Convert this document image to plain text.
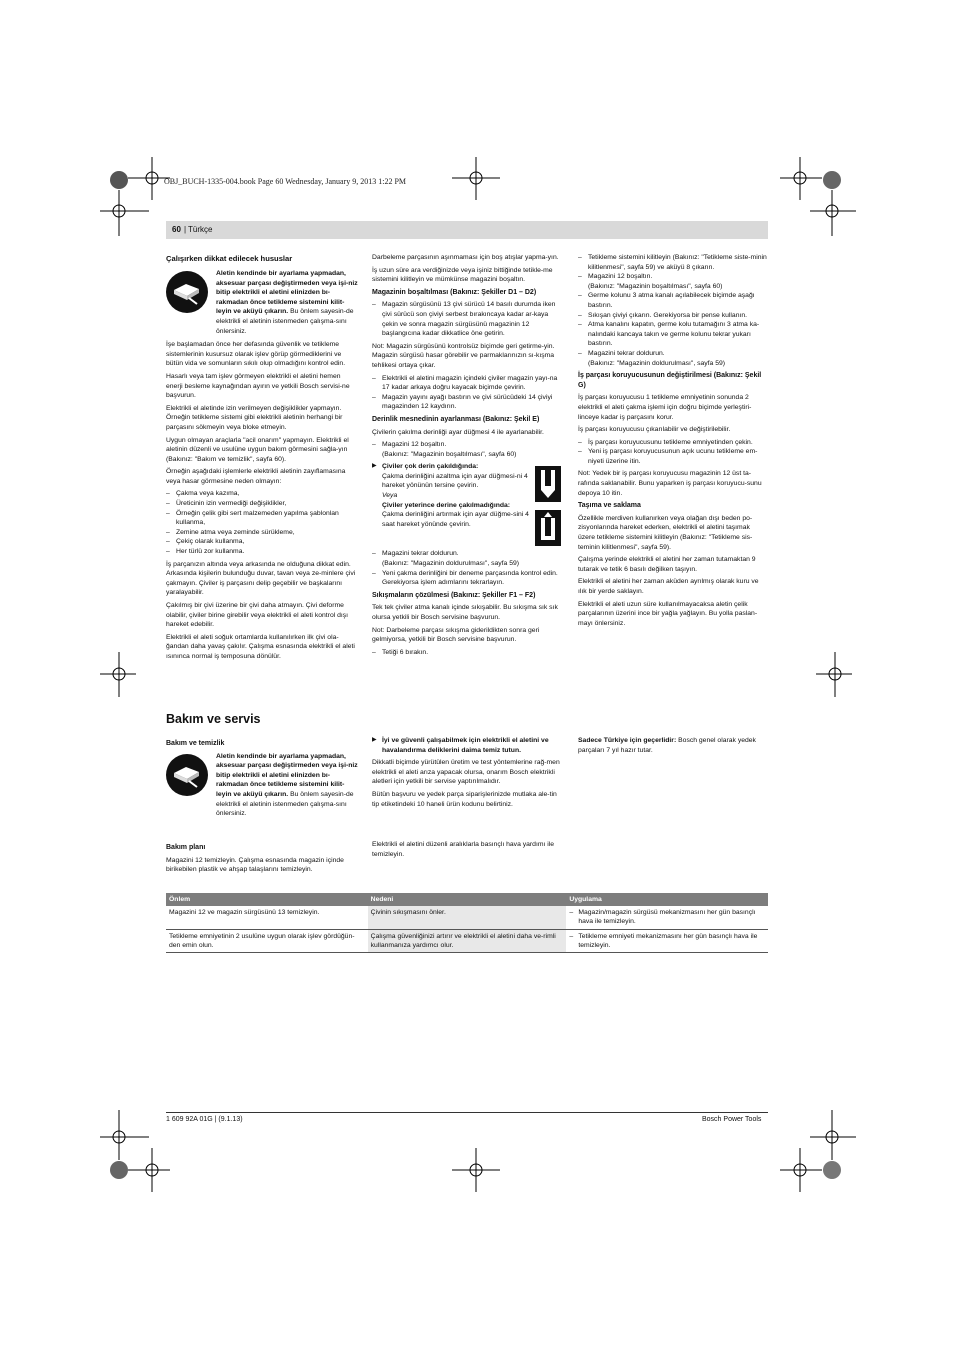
OBJ_BUCH-1335-004.book Page 60 Wednesday, January 9, 2013 1:22 PM
60 | Türkçe
Çalışırken dikkat edilecek hususlar
Aletin kendinde bir ayarlama yapmadan, aksesuar parçası değiştirmeden veya işi-niz bitip elektrikli el aletini elinizden bı-rakmadan önce tetikleme sistemini kilit-leyin ve aküyü çıkarın. Bu önlem sayesin-de elektrikli el aletinin istenmeden çalışma-sını önlersiniz.

İşe başlamadan önce her defasında güvenlik ve tetikleme sistemlerinin kusursuz olarak işlev görüp görmediklerini ve bütün vida ve somunların sıkılı olup olmadığını kontrol edin.

Hasarlı veya tam işlev görmeyen elektrikli el aletini hemen enerji besleme kaynağından ayırın ve yetkili Bosch servisi-ne başvurun.

Elektrikli el aletinde izin verilmeyen değişiklikler yapmayın. Örneğin tetikleme sistemi gibi elektrikli aletinin herhangi bir parçasını sökmeyin veya bloke etmeyin.

Uygun olmayan araçlarla "acil onarım" yapmayın. Elektrikli el aletinin düzenli ve usulüne uygun bakım görmesini sağla-yın (Bakınız: "Bakım ve temizlik", sayfa 60).

Örneğin aşağıdaki işlemlerle elektrikli aletinin zayıflamasına veya hasar görmesine neden olmayın:

– Çakma veya kazıma,
– Üreticinin izin vermediği değişiklikler,
– Örneğin çelik gibi sert malzemeden yapılma şablonlan kullanma,
– Zemine atma veya zeminde sürükleme,
– Çekiç olarak kullanma,
– Her türlü zor kullanma.

İş parçanızın altında veya arkasında ne olduğuna dikkat edin. Arkasında kişilerin bulunduğu duvar, tavan veya ze-minlere çivi çakmayın. Çiviler iş parçasını delip geçebilir ve başkalarını yaralayabilir.

Çakılmış bir çivi üzerine bir çivi daha atmayın. Çivi deforme olabilir, çiviler birine girebilir veya elektrikli el aleti kontrol dışı hareket edebilir.

Elektrikli el aleti soğuk ortamlarda kullanılırken ilk çivi ola-ğandan daha yavaş çakılır. Çalışma esnasında elektrikli el aleti ısınınca normal iş temposuna dönülür.

Darbeleme parçasının aşınmaması için boş atışlar yapma-yın.

İş uzun süre ara verdiğinizde veya işiniz bittiğinde tetikle-me sistemini kilitleyin ve mümkünse magazini boşaltın.

Magazinin boşaltılması (Bakınız: Şekiller D1 – D2)
– Magazin sürgüsünü 13 çivi sürücü 14 basılı durumda iken çivi sürücü son çiviyi serbest bırakıncaya kadar ar-kaya çekin ve sonra magazin sürgüsünü magazinin 12 başlangıcına kadar dikkatlice öne getirin.

Not: Magazin sürgüsünü kontrolsüz biçimde geri getirme-yin. Magazin sürgüsü hasar görebilir ve parmaklarınızın sı-kışma tehlikesi ortaya çıkar.

– Elektrikli el aletini magazin içindeki çiviler magazin yayı-na 17 kadar arkaya doğru kayacak biçimde çevirin.
– Magazin yayını ayağı bastırın ve çivi sürücüdeki 14 çiviyi magazinden 12 kaydırın.
Derinlik mesnedinin ayarlanması (Bakınız: Şekil E)

Çivilerin çakılma derinliği ayar düğmesi 4 ile ayarlanabilir.

– Magazini 12 boşaltın.
(Bakınız: "Magazinin boşaltılması", sayfa 60)
▶ Çiviler çok derin çakıldığında:
Çakma derinliğini azaltma için ayar düğmesi-ni 4 hareket yönünün tersine çevirin.
Veya
Çiviler yeterince derine çakılmadığında:
Çakma derinliğini artırmak için ayar düğme-sini 4 saat hareket yönünde çevirin.

– Magazini tekrar doldurun.
(Bakınız: "Magazinin doldurulması", sayfa 59)
– Yeni çakma derinliğini bir deneme parçasında kontrol edin.
Gerekiyorsa işlem adımlarını tekrarlayın.
Sıkışmaların çözülmesi (Bakınız: Şekiller F1 – F2)

Tek tek çiviler atma kanalı içinde sıkışabilir. Bu sıkışma sık sık olursa yetkili bir Bosch servisine başvurun.

Not: Darbeleme parçası sıkışma giderildikten sonra geri gelmiyorsa, yetkili bir Bosch servisine başvurun.

– Tetiği 6 bırakın.
– Tetikleme sistemini kilitleyin (Bakınız: "Tetikleme siste-minin kilitlenmesi", sayfa 59) ve aküyü 8 çıkarın.
– Magazini 12 boşaltın.
(Bakınız: "Magazinin boşaltılması", sayfa 60)
– Germe kolunu 3 atma kanalı açılabilecek biçimde aşağı bastırın.
– Sıkışan çiviyi çıkarın. Gerekiyorsa bir pense kullanın.
– Atma kanalını kapatın, germe kolu tutamağını 3 atma ka-nalındaki kancaya takın ve germe kolunu tekrar yukarı bastırın.
– Magazini tekrar doldurun.
(Bakınız: "Magazinin doldurulması", sayfa 59)
İş parçası koruyucusunun değiştirilmesi (Bakınız: Şekil G)

İş parçası koruyucusu 1 tetikleme emniyetinin sonunda 2 elektrikli el aleti çakma işlemi için doğru biçimde yerleştiri-linceye kadar iş parçasını korur.

İş parçası koruyucusu çıkarılabilir ve değiştirilebilir.

– İş parçası koruyucusunu tetikleme emniyetinden çekin.
– Yeni iş parçası koruyucusunun açık ucunu tetikleme em-niyeti üzerine itin.

Not: Yedek bir iş parçası koruyucusu magazinin 12 üst ta-rafında saklanabilir. Bunu yaparken iş parçası koruyucu-sunu depoya 10 itin.

Taşıma ve saklama

Özellikle merdiven kullanırken veya olağan dışı beden po-zisyonlarında hareket ederken, elektrikli el aletini taşımak üzere tetikleme sistemini kilitleyin (Bakınız: "Tetikleme sis-teminin kilitlenmesi", sayfa 59).

Çalışma yerinde elektrikli el aletini her zaman tutamaktan 9 tutarak ve tetik 6 basılı değilken taşıyın.

Elektrikli el aletini her zaman aküden ayrılmış olarak kuru ve ılık bir yerde saklayın.

Elektrikli el aleti uzun süre kullanılmayacaksa aletin çelik parçalarının üzerini ince bir yağla yağlayın. Bu yolla paslan-mayı önlersiniz.

Bakım ve servis
Bakım ve temizlik
Aletin kendinde bir ayarlama yapmadan, aksesuar parçası değiştirmeden veya işi-niz bitip elektrikli el aletini elinizden bı-rakmadan önce tetikleme sistemini kilit-leyin ve aküyü çıkarın. Bu önlem sayesin-de elektrikli el aletinin istenmeden çalışma-sını önlersiniz.

▶ İyi ve güvenli çalışabilmek için elektrikli el aletini ve havalandırma deliklerini daima temiz tutun.

Dikkatli biçimde yürütülen üretim ve test yöntemlerine rağ-men elektrikli el aleti arıza yapacak olursa, onarım Bosch elektrikli aletleri için yetkili bir servise yaptırılmalıdır.

Bütün başvuru ve yedek parça siparişlerinizde mutlaka ale-tin tip etiketindeki 10 haneli ürün kodunu belirtiniz.

Sadece Türkiye için geçerlidir: Bosch genel olarak yedek parçaları 7 yıl hazır tutar.

Bakım planı

Magazini 12 temizleyin. Çalışma esnasında magazin içinde birikebilen plastik ve ahşap talaşlarını temizleyin.

Elektrikli el aletini düzenli aralıklarla basınçlı hava yardımı ile temizleyin.

Önlem	Nedeni	Uygulama
Magazini 12 ve magazin sürgüsünü 13 temizleyin.	Çivinin sıkışmasını önler.	– Magazin/magazin sürgüsü mekanizmasını her gün basınçlı hava ile temizleyin.

Tetikleme emniyetinin 2 usulüne uygun olarak işlev gördüğün-den emin olun.	Çalışma güvenliğinizi artırır ve elektrikli el aletini daha ve-rimli kullanmanıza yardımcı olur.	– Tetikleme emniyeti mekanizmasını her gün basınçlı hava ile temizleyin.
1 609 92A 01G | (9.1.13)	Bosch Power Tools
